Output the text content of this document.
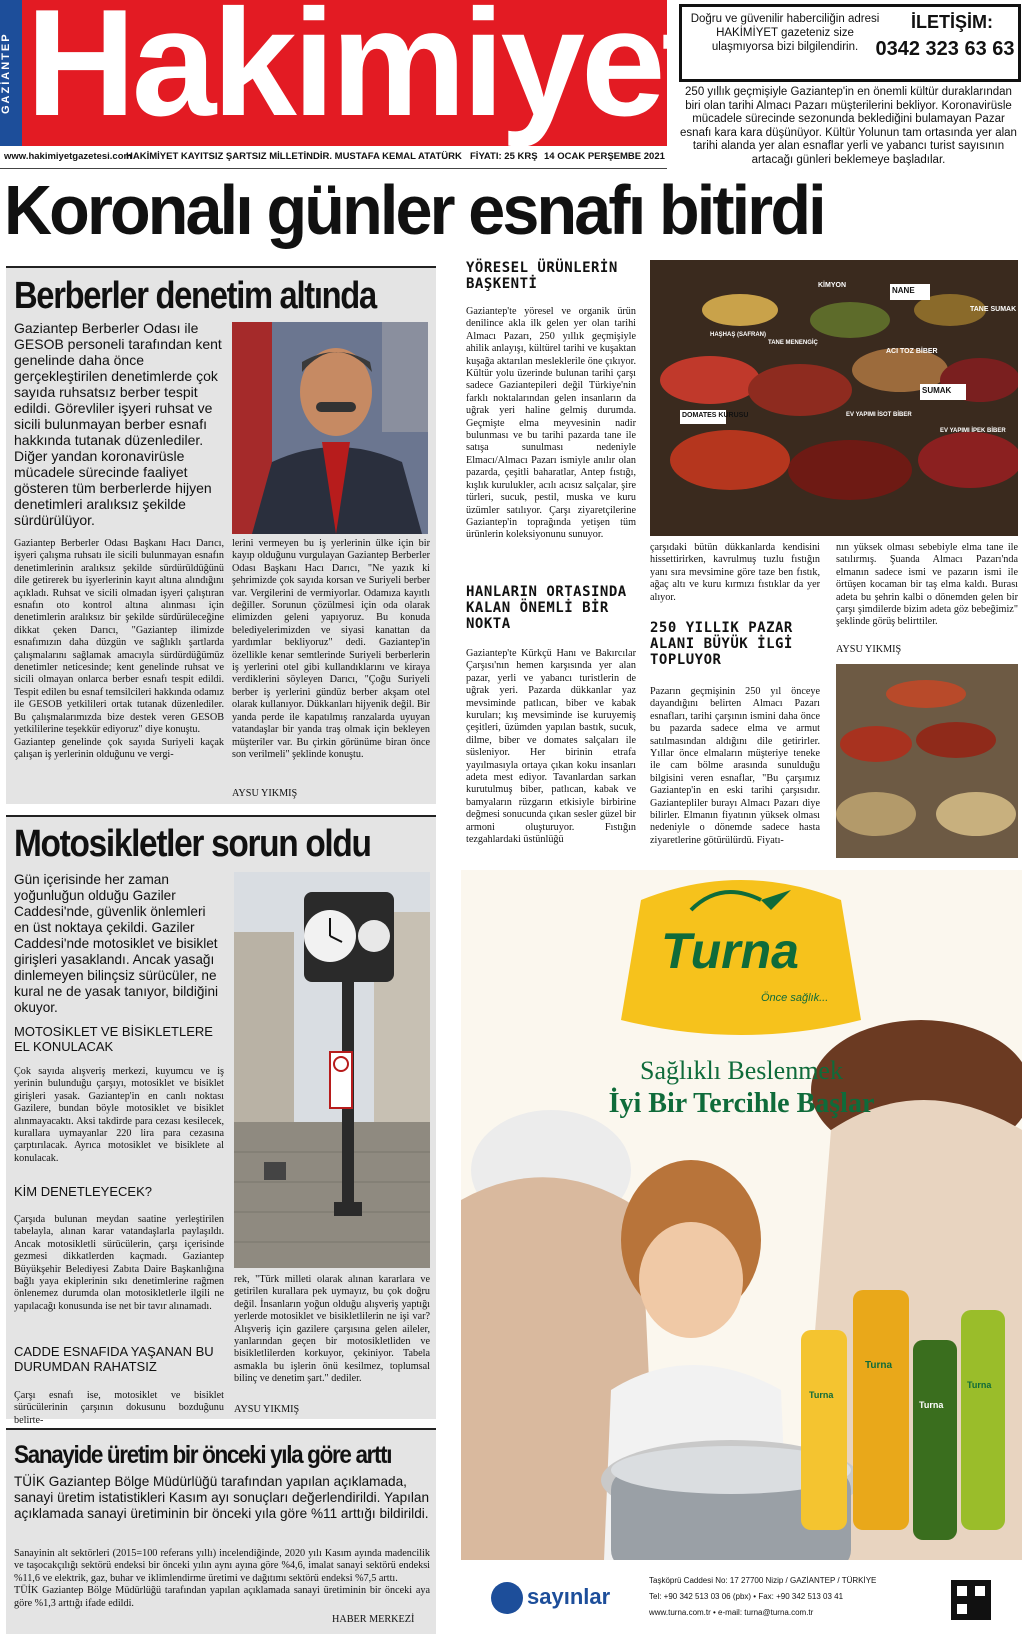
GAZİANTEP Hakimiyet
Doğru ve güvenilir haberciliğin adresi HAKİMİYET gazeteniz size ulaşmıyorsa bizi bilgilendirin.
İLETİŞİM:
0342 323 63 63
250 yıllık geçmişiyle Gaziantep'in en önemli kültür duraklarından biri olan tarihi Almacı Pazarı müşterilerini bekliyor. Koronavirüsle mücadele sürecinde sezonunda beklediğini bulamayan Pazar esnafı kara kara düşünüyor. Kültür Yolunun tam ortasında yer alan tarihi alanda yer alan esnaflar yerli ve yabancı turist sayısının artacağı günleri beklemeye başladılar.
www.hakimiyetgazetesi.com
HAKİMİYET KAYITSIZ ŞARTSIZ MİLLETİNDİR. MUSTAFA KEMAL ATATÜRK FİYATI: 25 KRŞ 14 OCAK PERŞEMBE 2021
Koronalı günler esnafı bitirdi
Berberler denetim altında
Gaziantep Berberler Odası ile GESOB personeli tarafından kent genelinde daha önce gerçekleştirilen denetimlerde çok sayıda ruhsatsız berber tespit edildi. Görevliler işyeri ruhsat ve sicili bulunmayan berber esnafı hakkında tutanak düzenlediler. Diğer yandan koronavirüsle mücadele sürecinde faaliyet gösteren tüm berberlerde hijyen denetimleri aralıksız şekilde sürdürülüyor.
Gaziantep Berberler Odası Başkanı Hacı Darıcı, işyeri çalışma ruhsatı ile sicili bulunmayan esnafın denetimlerinin aralıksız şekilde sürdürüldüğünü dile getirerek bu işyerlerinin kayıt altına alındığını açıkladı. Ruhsat ve sicili olmadan işyeri çalıştıran esnafın oto kontrol altına alınması için denetimlerin aralıksız bir şekilde sürdürüleceğine dikkat çeken Darıcı, "Gaziantep ilimizde esnafımızın daha düzgün ve sağlıklı şartlarda çalışmalarını sağlamak amacıyla sürdürdüğümüz denetimler neticesinde; kent genelinde ruhsat ve sicili olmayan onlarca berber esnafı tespit edildi. Tespit edilen bu esnaf temsilcileri hakkında odamız ile GESOB yetkilileri ortak tutanak düzenlediler. Bu çalışmalarımızda bize destek veren GESOB yetkililerine teşekkür ediyoruz" diye konuştu.
Gaziantep genelinde çok sayıda Suriyeli kaçak çalışan iş yerlerinin olduğunu ve vergi-
lerini vermeyen bu iş yerlerinin ülke için bir kayıp olduğunu vurgulayan Gaziantep Berberler Odası Başkanı Hacı Darıcı, "Ne yazık ki şehrimizde çok sayıda korsan ve Suriyeli berber var. Vergilerini de vermiyorlar. Odamıza kayıtlı değiller. Sorunun çözülmesi için oda olarak elimizden geleni yapıyoruz. Bu konuda belediyelerimizden ve siyasi kanattan da yardımlar bekliyoruz" dedi. Gaziantep'in özellikle kenar semtlerinde Suriyeli berberlerin iş yerlerini otel gibi kullandıklarını ve kiraya verdiklerini söyleyen Darıcı, "Çoğu Suriyeli berber iş yerlerini gündüz berber akşam otel olarak kullanıyor. Dükkanları hijyenik değil. Bir yanda perde ile kapatılmış ranzalarda uyuyan vatandaşlar bir yanda traş olmak için bekleyen müşteriler var. Bu çirkin görünüme biran önce son verilmeli" şeklinde konuştu.
AYSU YIKMIŞ
Motosikletler sorun oldu
Gün içerisinde her zaman yoğunluğun olduğu Gaziler Caddesi'nde, güvenlik önlemleri en üst noktaya çekildi. Gaziler Caddesi'nde motosiklet ve bisiklet girişleri yasaklandı. Ancak yasağı dinlemeyen bilinçsiz sürücüler, ne kural ne de yasak tanıyor, bildiğini okuyor.
MOTOSİKLET VE BİSİKLETLERE EL KONULACAK
Çok sayıda alışveriş merkezi, kuyumcu ve iş yerinin bulunduğu çarşıyı, motosiklet ve bisiklet girişleri yasak. Gaziantep'in en canlı noktası Gazilere, bundan böyle motosiklet ve bisiklet alınmayacaktı. Aksi takdirde para cezası kesilecek, kurallara uymayanlar 220 lira para cezasına çarptırılacak. Ayrıca motosiklet ve bisiklete al konulacak.
KİM DENETLEYECEK?
Çarşıda bulunan meydan saatine yerleştirilen tabelayla, alınan karar vatandaşlarla paylaşıldı. Ancak motosikletli sürücülerin, çarşı içerisinde gezmesi dikkatlerden kaçmadı. Gaziantep Büyükşehir Belediyesi Zabıta Daire Başkanlığına bağlı yaya ekiplerinin sıkı denetimlerine rağmen önlenemez durumda olan motosikletlerle ilgili ne yapılacağı konusunda ise net bir tavır alınamadı.
CADDE ESNAFIDA YAŞANAN BU DURUMDAN RAHATSIZ
Çarşı esnafı ise, motosiklet ve bisiklet sürücülerinin çarşının dokusunu bozduğunu belirte-
rek, "Türk milleti olarak alınan kararlara ve getirilen kurallara pek uymayız, bu çok doğru değil. İnsanların yoğun olduğu alışveriş yaptığı yerlerde motosiklet ve bisikletlilerin ne işi var? Alışveriş için gazilere çarşısına gelen aileler, yanlarından geçen bir motosikletliden ve bisikletlilerden korkuyor, çekiniyor. Tabela asmakla bu işlerin önü kesilmez, toplumsal bilinç ve denetim şart." dediler.
AYSU YIKMIŞ
Sanayide üretim bir önceki yıla göre arttı
TÜİK Gaziantep Bölge Müdürlüğü tarafından yapılan açıklamada, sanayi üretim istatistikleri Kasım ayı sonuçları değerlendirildi. Yapılan açıklamada sanayi üretiminin bir önceki yıla göre %11 arttığı bildirildi.
Sanayinin alt sektörleri (2015=100 referans yıllı) incelendiğinde, 2020 yılı Kasım ayında madencilik ve taşocakçılığı sektörü endeksi bir önceki yılın aynı ayına göre %4,6, imalat sanayi sektörü endeksi %11,6 ve elektrik, gaz, buhar ve iklimlendirme üretimi ve dağıtımı sektörü endeksi %7,5 arttı.
TÜİK Gaziantep Bölge Müdürlüğü tarafından yapılan açıklamada sanayi üretiminin bir önceki aya göre %1,3 arttığı ifade edildi.
HABER MERKEZİ
YÖRESEL ÜRÜNLERİN BAŞKENTİ
Gaziantep'te yöresel ve organik ürün denilince akla ilk gelen yer olan tarihi Almacı Pazarı, 250 yıllık geçmişiyle ahilik anlayışı, kültürel tarihi ve kuşaktan kuşağa aktarılan mesleklerile öne çıkıyor. Kültür yolu üzerinde bulunan tarihi çarşı sadece Gaziantepileri değil Türkiye'nin farklı noktalarından gelen insanların da uğrak yeri haline gelmiş durumda. Geçmişte elma meyvesinin nadir bulunması ve bu tarihi pazarda tane ile satışa sunulması nedeniyle Elmacı/Almacı Pazarı ismiyle anılır olan pazarda, çeşitli baharatlar, Antep fıstığı, kışlık kurulukler, acılı acısız salçalar, şire türleri, sucuk, pestil, muska ve kuru üzümler satılıyor. Çarşı ziyaretçilerine Gaziantep'in toprağında yetişen tüm ürünlerin koleksiyonunu sunuyor.
HANLARIN ORTASINDA KALAN ÖNEMLİ BİR NOKTA
Gaziantep'te Kürkçü Hanı ve Bakırcılar Çarşısı'nın hemen karşısında yer alan pazar, yerli ve yabancı turistlerin de uğrak yeri. Pazarda dükkanlar yaz mevsiminde patlıcan, biber ve kabak kuruları; kış mevsiminde ise kuruyemiş çeşitleri, üzümden yapılan bastık, sucuk, dilme, biber ve domates salçaları ile süsleniyor. Her birinin etrafa yayılmasıyla ortaya çıkan koku insanları adeta mest ediyor. Tavanlardan sarkan kurutulmuş biber, patlıcan, kabak ve bamyaların rüzgarın etkisiyle birbirine değmesi sonucunda çıkan sesler güzel bir armoni oluşturuyor. Fıstığın tezgahlardaki üstünlüğü
NANE
KİMYON
TANE SUMAK
SUMAK
ACI TOZ BİBER
EV YAPIMI İSOT BİBER
EV YAPIMI İPEK BİBER
DOMATES KURUSU
TANE MENENGİÇ
HAŞHAŞ (SAFRAN)
çarşıdaki bütün dükkanlarda kendisini hissettirirken, kavrulmuş tuzlu fıstığın yanı sıra mevsimine göre taze ben fıstık, ağaç altı ve kuru kırmızı fıstıklar da yer alıyor.
250 YILLIK PAZAR ALANI BÜYÜK İLGİ TOPLUYOR
Pazarın geçmişinin 250 yıl önceye dayandığını belirten Almacı Pazarı esnafları, tarihi çarşının ismini daha önce bu pazarda sadece elma ve armut satılmasından aldığını dile getirirler. Yıllar önce elmaların müşteriye teneke ile cam bölme arasında sunulduğu bilgisini veren esnaflar, "Bu çarşımız Gaziantep'in en eski tarihi çarşısıdır. Gaziantepliler burayı Almacı Pazarı diye bilirler. Elmanın fiyatının yüksek olması nedeniyle o dönemde sadece hasta ziyaretlerine götürülürdü. Fiyatı-
nın yüksek olması sebebiyle elma tane ile satılırmış. Şuanda Almacı Pazarı'nda elmanın sadece ismi ve pazarın ismi ile örtüşen kocaman bir taş elma kaldı. Burası adeta bu şehrin kalbi o dönemden gelen bir çarşı şimdilerde bizim adeta göz bebeğimiz" şeklinde görüş belirttiler.
AYSU YIKMIŞ
Turna
Önce sağlık...
Sağlıklı Beslenmek
İyi Bir Tercihle Başlar
Turna
Turna
Turna
Turna
sayınlar
Taşköprü Caddesi No: 17 27700 Nizip / GAZİANTEP / TÜRKİYE
Tel: +90 342 513 03 06 (pbx) • Fax: +90 342 513 03 41
www.turna.com.tr • e-mail: turna@turna.com.tr
